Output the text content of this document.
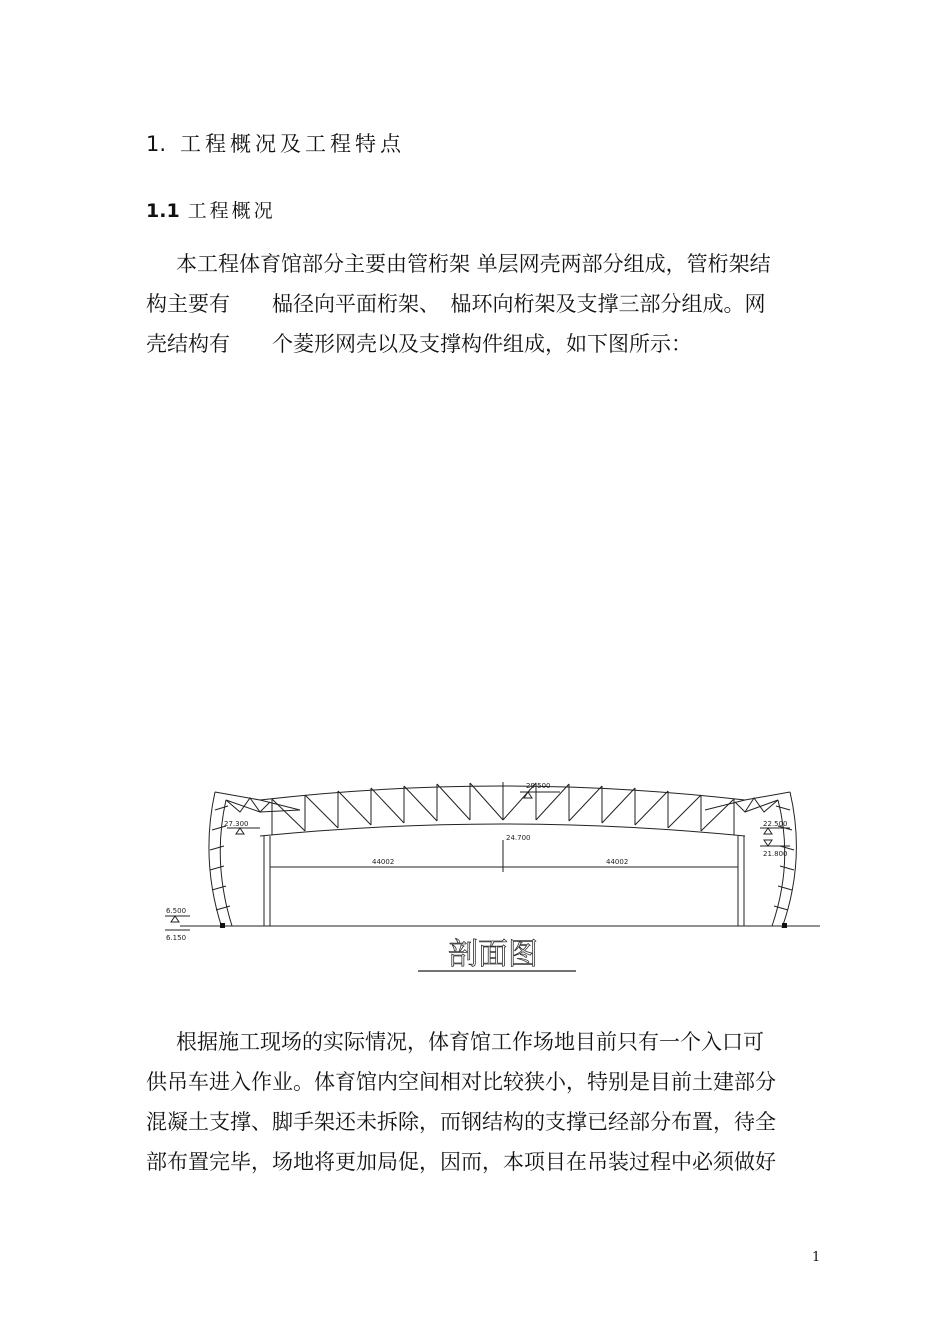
1. 工程概况及工程特点
1.1 工程概况

本工程体育馆部分主要由管桁架 单层网壳两部分组成，管桁架结

构主要有　　榀径向平面桁架、　榀环向桁架及支撑三部分组成。网

壳结构有　　个菱形网壳以及支撑构件组成，如下图所示：

29.500
27.300
24.700
22.500
21.800
44002	44002
6.500
6.150	剖面图

根据施工现场的实际情况，体育馆工作场地目前只有一个入口可

供吊车进入作业。体育馆内空间相对比较狭小，特别是目前土建部分

混凝土支撑、脚手架还未拆除，而钢结构的支撑已经部分布置，待全

部布置完毕，场地将更加局促，因而，本项目在吊装过程中必须做好

1
